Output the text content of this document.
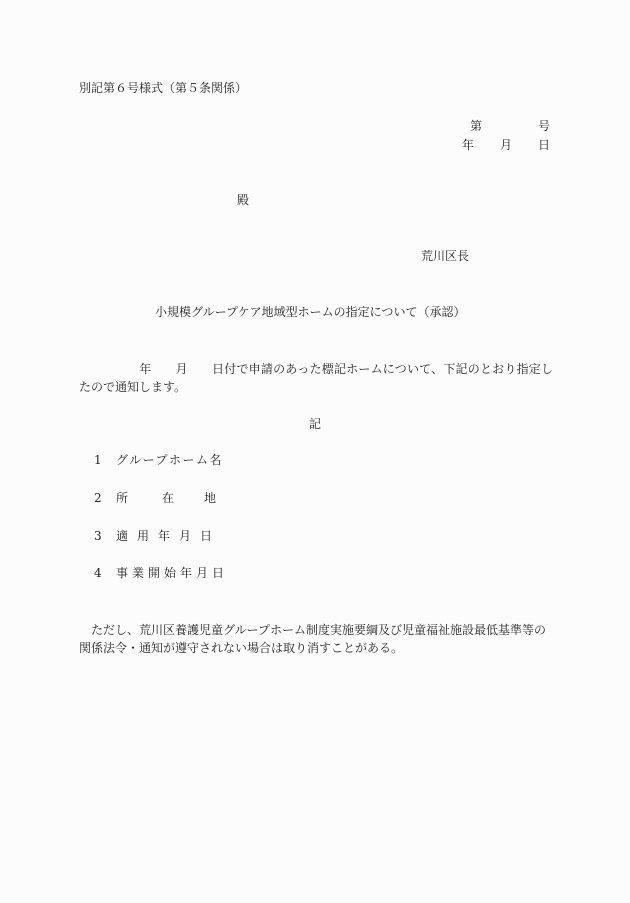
別記第６号様式（第５条関係）
第	号
年 月 日
殿
荒川区長
小規模グループケア地域型ホームの指定について（承認）
年 月 日付で申請のあった標記ホームについて、下記のとおり指定したので通知します。
記
1 グループホーム名
2 所	在 地
3 適 用 年 月 日
4 事 業 開 始 年 月 日
ただし、荒川区養護児童グループホーム制度実施要綱及び児童福祉施設最低基準等の関係法令・通知が遵守されない場合は取り消すことがある。
